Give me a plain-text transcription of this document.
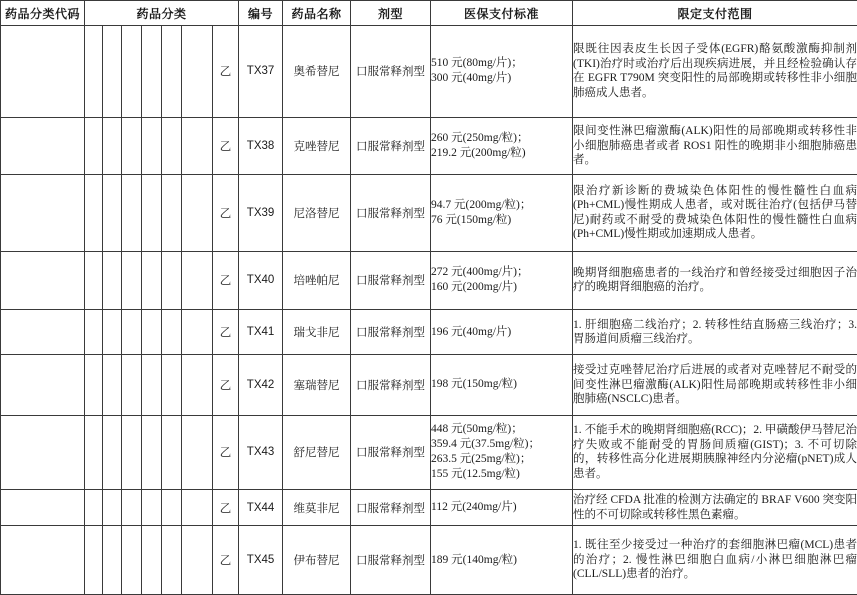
药品分类代码	药品分类							编号	药品名称	剂型	医保支付标准	限定支付范围
							乙	TX37	奥希替尼	口服常释剂型	510 元(80mg/片)；
300 元(40mg/片)	限既往因表皮生长因子受体(EGFR)酪氨酸激酶抑制剂(TKI)治疗时或治疗后出现疾病进展，并且经检验确认存在 EGFR T790M 突变阳性的局部晚期或转移性非小细胞肺癌成人患者。
							乙	TX38	克唑替尼	口服常释剂型	260 元(250mg/粒)；
219.2 元(200mg/粒)	限间变性淋巴瘤激酶(ALK)阳性的局部晚期或转移性非小细胞肺癌患者或者 ROS1 阳性的晚期非小细胞肺癌患者。
							乙	TX39	尼洛替尼	口服常释剂型	94.7 元(200mg/粒)；
76 元(150mg/粒)	限治疗新诊断的费城染色体阳性的慢性髓性白血病(Ph+CML)慢性期成人患者，或对既往治疗(包括伊马替尼)耐药或不耐受的费城染色体阳性的慢性髓性白血病(Ph+CML)慢性期或加速期成人患者。
							乙	TX40	培唑帕尼	口服常释剂型	272 元(400mg/片)；
160 元(200mg/片)	晚期肾细胞癌患者的一线治疗和曾经接受过细胞因子治疗的晚期肾细胞癌的治疗。
							乙	TX41	瑞戈非尼	口服常释剂型	196 元(40mg/片)	1. 肝细胞癌二线治疗；2. 转移性结直肠癌三线治疗；3. 胃肠道间质瘤三线治疗。
							乙	TX42	塞瑞替尼	口服常释剂型	198 元(150mg/粒)	接受过克唑替尼治疗后进展的或者对克唑替尼不耐受的间变性淋巴瘤激酶(ALK)阳性局部晚期或转移性非小细胞肺癌(NSCLC)患者。
							乙	TX43	舒尼替尼	口服常释剂型	448 元(50mg/粒)；
359.4 元(37.5mg/粒)；
263.5 元(25mg/粒)；
155 元(12.5mg/粒)	1. 不能手术的晚期肾细胞癌(RCC)；2. 甲磺酸伊马替尼治疗失败或不能耐受的胃肠间质瘤(GIST)；3. 不可切除的，转移性高分化进展期胰腺神经内分泌瘤(pNET)成人患者。
							乙	TX44	维莫非尼	口服常释剂型	112 元(240mg/片)	治疗经 CFDA 批准的检测方法确定的 BRAF V600 突变阳性的不可切除或转移性黑色素瘤。
							乙	TX45	伊布替尼	口服常释剂型	189 元(140mg/粒)	1. 既往至少接受过一种治疗的套细胞淋巴瘤(MCL)患者的治疗；2. 慢性淋巴细胞白血病/小淋巴细胞淋巴瘤(CLL/SLL)患者的治疗。
